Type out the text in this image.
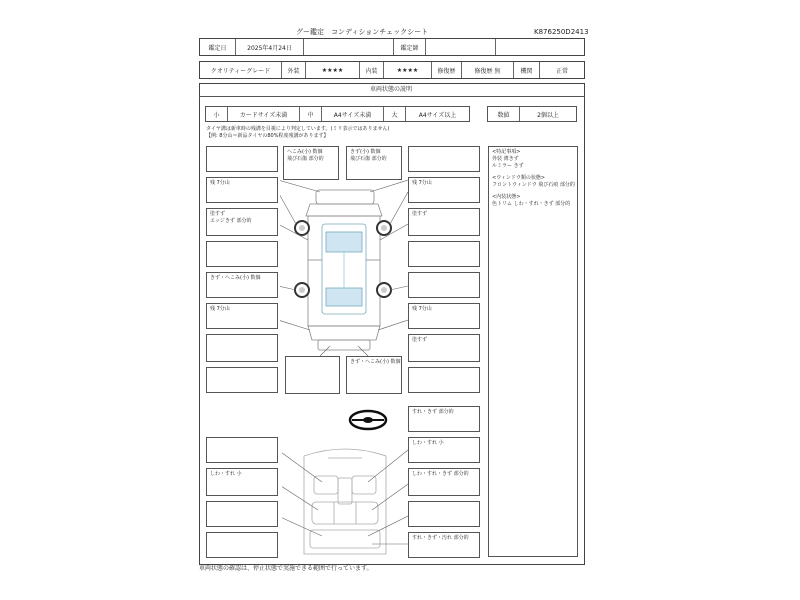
グー鑑定　コンディションチェックシート	K876250D2413
鑑定日	2025年4月24日	鑑定師
クオリティーグレード	外装	★★★★	内装	★★★★	修復歴	修復歴 無	機関	正常
車両状態の説明
小	カードサイズ未満	中	A4サイズ未満	大	A4サイズ以上	数値	2個以上
タイヤ溝は新車時の残溝を目視により判定しています。(ミリ表示ではありません)
【例: 8分山＝新品タイヤの80%程度残溝があります】
残 7分山
塗すず
エッジきず 部分的
きず・へこみ(小) 数個
残 7分山
へこみ(小) 数個
飛び石傷 部分的
きず(小) 数個
飛び石傷 部分的
残 7分山
塗すず
残 7分山
塗すず
きず・へこみ(小) 数個
<特記事項>
外装 薄きず
ルミラー きず
<ウィンドウ類の状態>
フロントウィンドウ 飛び石痕 部分的
<内装状態>
色トリム しわ・すれ・きず 部分的
すれ・きず 部分的
しわ・すれ 小
しわ・すれ 小	しわ・すれ・きず 部分的
すれ・きず・汚れ 部分的
車両状態の確認は、停止状態で実施できる範囲で行っています。
